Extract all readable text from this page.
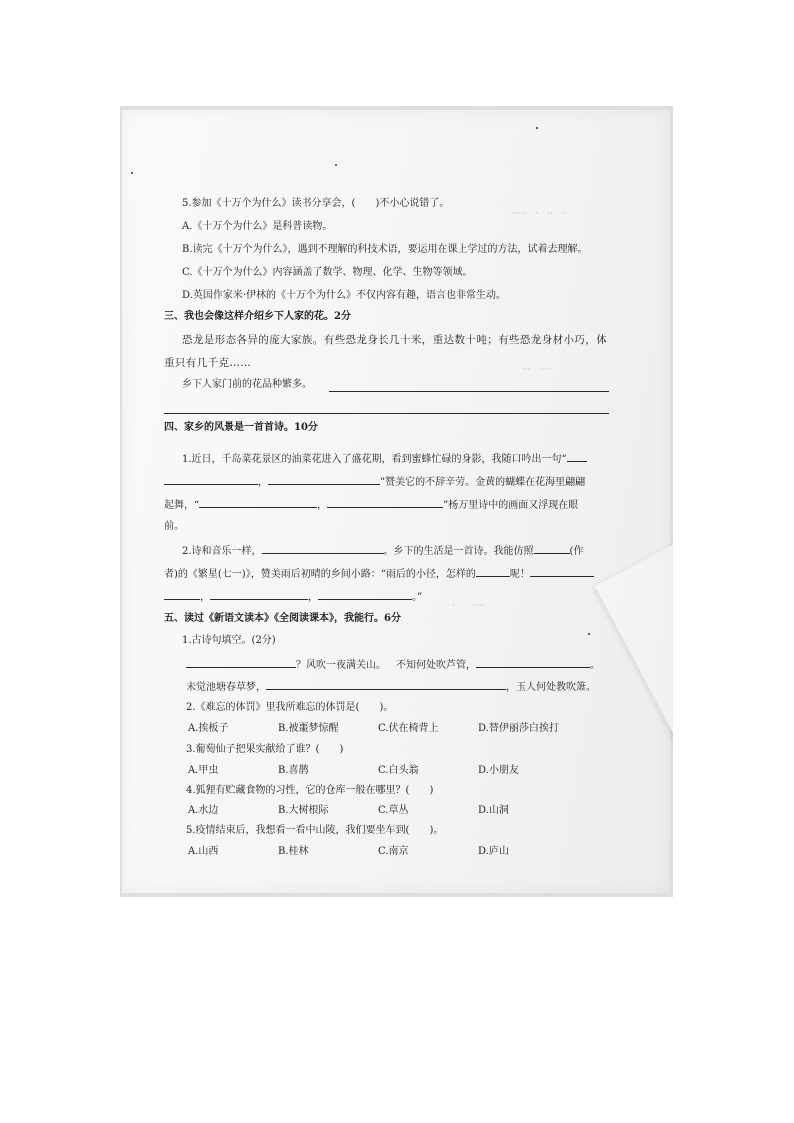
·····　·　··　·
···　····
·　　····
5.参加《十万个为什么》读书分享会，(　　)不小心说错了。
A.《十万个为什么》是科普读物。
B.读完《十万个为什么》，遇到不理解的科技术语，要运用在课上学过的方法，试着去理解。
C.《十万个为什么》内容涵盖了数学、物理、化学、生物等领域。
D.英国作家米·伊林的《十万个为什么》不仅内容有趣，语言也非常生动。
三、我也会像这样介绍乡下人家的花。2分
恐龙是形态各异的庞大家族。有些恐龙身长几十米，重达数十吨；有些恐龙身材小巧，体
重只有几千克……
乡下人家门前的花品种繁多。
四、家乡的风景是一首首诗。10分
1.近日，千岛菜花景区的油菜花进入了盛花期，看到蜜蜂忙碌的身影，我随口吟出一句“
，	”赞美它的不辞辛劳。金黄的蝴蝶在花海里翩翩
起舞，“	，	”杨万里诗中的画面又浮现在眼
前。
2.诗和音乐一样，	。乡下的生活是一首诗。我能仿照	(作
者)的《繁星(七一)》，赞美雨后初晴的乡间小路：“雨后的小径，怎样的	呢！
，	，	。”
五、读过《新语文读本》《全阅读课本》，我能行。6分
1.古诗句填空。(2分)
？风吹一夜满关山。 不知何处吹芦管，	。
未觉池塘春草梦，	，玉人何处教吹箫。
2.《难忘的体罚》里我所难忘的体罚是(　　)。
A.挨板子	B.被噩梦惊醒	C.伏在椅背上	D.替伊丽莎白挨打
3.葡萄仙子把果实献给了谁？(　　)
A.甲虫	B.喜鹊	C.白头翁	D.小朋友
4.狐狸有贮藏食物的习性，它的仓库一般在哪里？(　　)
A.水边	B.大树根际	C.草丛	D.山洞
5.疫情结束后，我想看一看中山陵，我们要坐车到(　　)。
A.山西	B.桂林	C.南京	D.庐山
